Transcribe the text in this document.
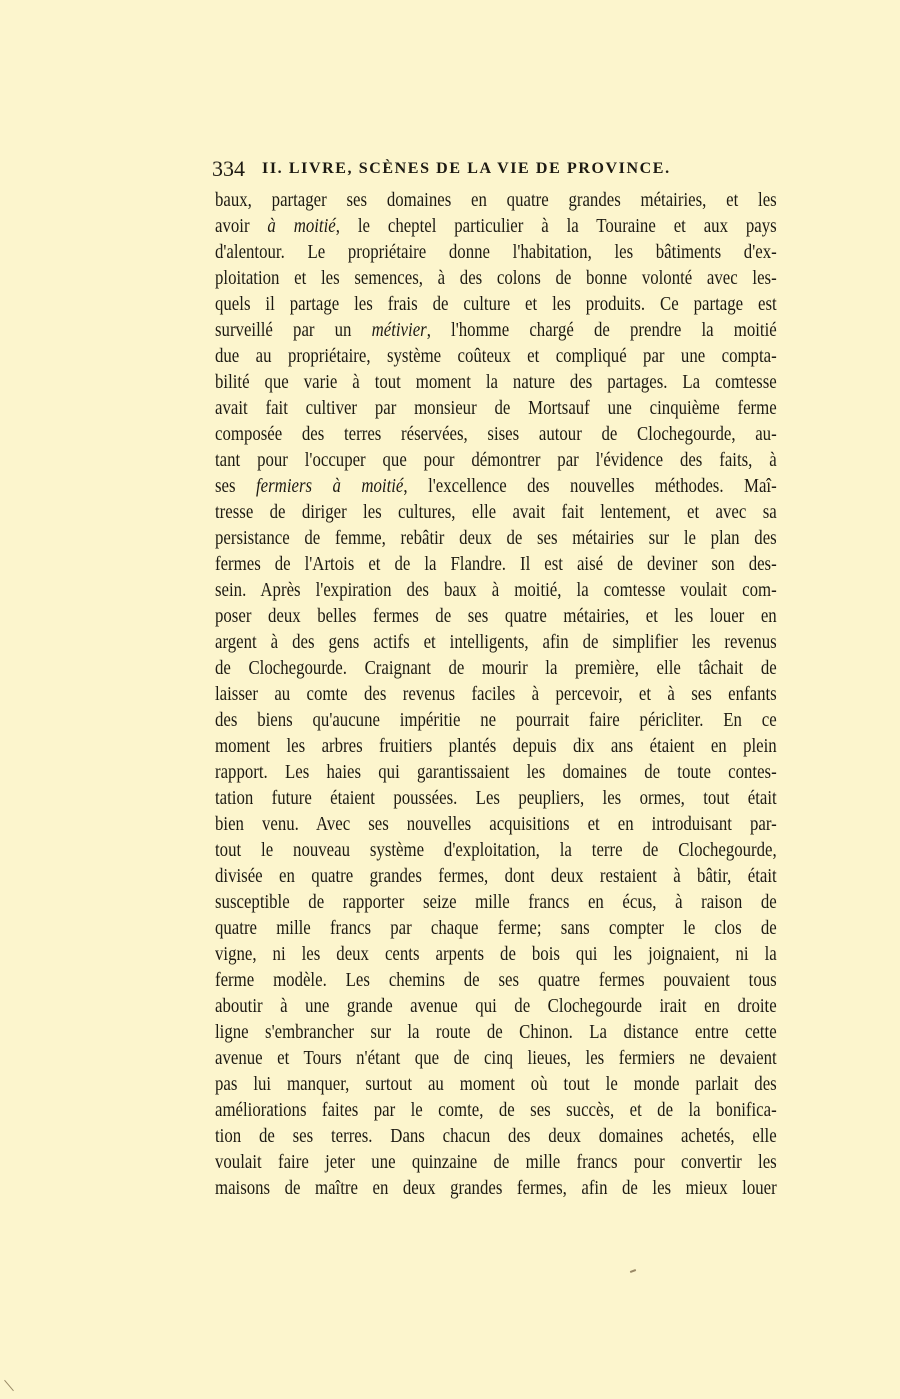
334 II. LIVRE, SCÈNES DE LA VIE DE PROVINCE.
baux, partager ses domaines en quatre grandes métairies, et les
avoir à moitié, le cheptel particulier à la Touraine et aux pays
d'alentour. Le propriétaire donne l'habitation, les bâtiments d'ex-
ploitation et les semences, à des colons de bonne volonté avec les-
quels il partage les frais de culture et les produits. Ce partage est
surveillé par un métivier, l'homme chargé de prendre la moitié
due au propriétaire, système coûteux et compliqué par une compta-
bilité que varie à tout moment la nature des partages. La comtesse
avait fait cultiver par monsieur de Mortsauf une cinquième ferme
composée des terres réservées, sises autour de Clochegourde, au-
tant pour l'occuper que pour démontrer par l'évidence des faits, à
ses fermiers à moitié, l'excellence des nouvelles méthodes. Maî-
tresse de diriger les cultures, elle avait fait lentement, et avec sa
persistance de femme, rebâtir deux de ses métairies sur le plan des
fermes de l'Artois et de la Flandre. Il est aisé de deviner son des-
sein. Après l'expiration des baux à moitié, la comtesse voulait com-
poser deux belles fermes de ses quatre métairies, et les louer en
argent à des gens actifs et intelligents, afin de simplifier les revenus
de Clochegourde. Craignant de mourir la première, elle tâchait de
laisser au comte des revenus faciles à percevoir, et à ses enfants
des biens qu'aucune impéritie ne pourrait faire péricliter. En ce
moment les arbres fruitiers plantés depuis dix ans étaient en plein
rapport. Les haies qui garantissaient les domaines de toute contes-
tation future étaient poussées. Les peupliers, les ormes, tout était
bien venu. Avec ses nouvelles acquisitions et en introduisant par-
tout le nouveau système d'exploitation, la terre de Clochegourde,
divisée en quatre grandes fermes, dont deux restaient à bâtir, était
susceptible de rapporter seize mille francs en écus, à raison de
quatre mille francs par chaque ferme; sans compter le clos de
vigne, ni les deux cents arpents de bois qui les joignaient, ni la
ferme modèle. Les chemins de ses quatre fermes pouvaient tous
aboutir à une grande avenue qui de Clochegourde irait en droite
ligne s'embrancher sur la route de Chinon. La distance entre cette
avenue et Tours n'étant que de cinq lieues, les fermiers ne devaient
pas lui manquer, surtout au moment où tout le monde parlait des
améliorations faites par le comte, de ses succès, et de la bonifica-
tion de ses terres. Dans chacun des deux domaines achetés, elle
voulait faire jeter une quinzaine de mille francs pour convertir les
maisons de maître en deux grandes fermes, afin de les mieux louer
